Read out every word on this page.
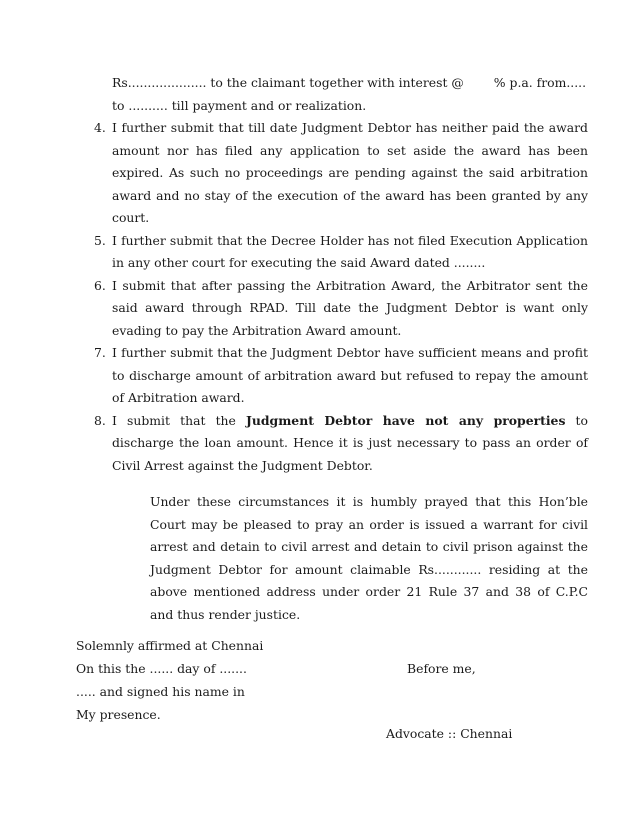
Rs.................... to the claimant together with interest @ % p.a. from.....
to .......... till payment and or realization.
4. I further submit that till date Judgment Debtor has neither paid the award amount nor has filed any application to set aside the award has been expired. As such no proceedings are pending against the said arbitration award and no stay of the execution of the award has been granted by any court.
5. I further submit that the Decree Holder has not filed Execution Application in any other court for executing the said Award dated ........
6. I submit that after passing the Arbitration Award, the Arbitrator sent the said award through RPAD. Till date the Judgment Debtor is want only evading to pay the Arbitration Award amount.
7. I further submit that the Judgment Debtor have sufficient means and profit to discharge amount of arbitration award but refused to repay the amount of Arbitration award.
8. I submit that the Judgment Debtor have not any properties to discharge the loan amount. Hence it is just necessary to pass an order of Civil Arrest against the Judgment Debtor.
Under these circumstances it is humbly prayed that this Hon’ble Court may be pleased to pray an order is issued a warrant for civil arrest and detain to civil arrest and detain to civil prison against the Judgment Debtor for amount claimable Rs............ residing at the above mentioned address under order 21 Rule 37 and 38 of C.P.C and thus render justice.
Solemnly affirmed at Chennai
On this the ...... day of .......
..... and signed his name in
My presence.
Before me,
Advocate :: Chennai
